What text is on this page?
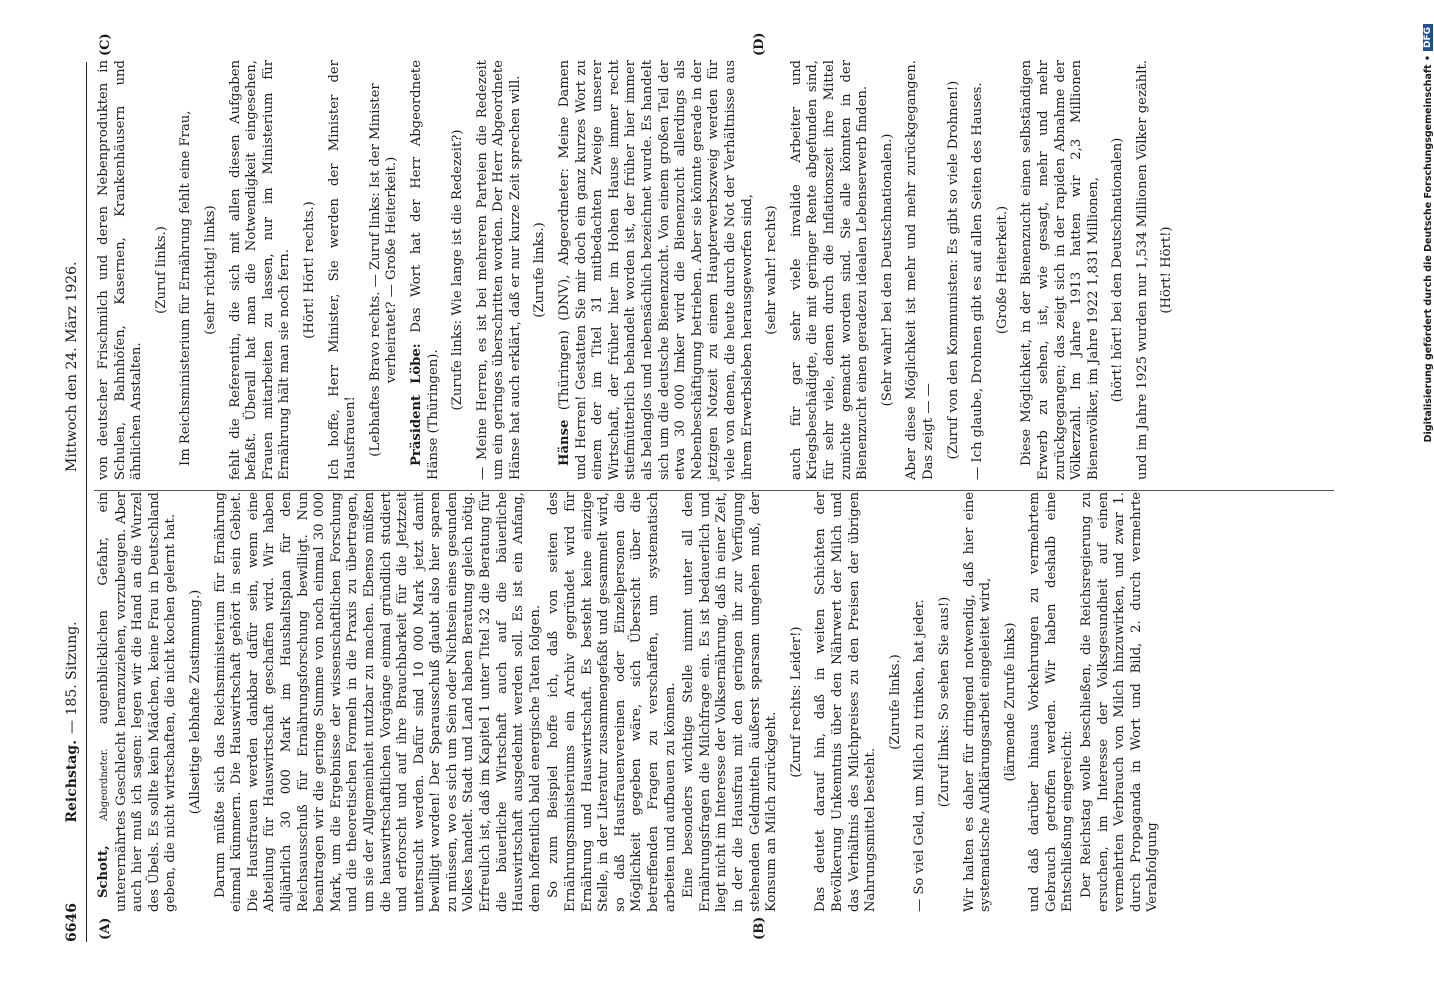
6646
Reichstag.— 185. Sitzung.
Mittwoch den 24. März 1926.
(A)	(B)
(C)	(D)

Schott, Abgeordneter. augenblicklichen Gefahr, ein unterernährtes Geschlecht heranzuziehen, vorzubeugen. Aber auch hier muß ich sagen: legen wir die Hand an die Wurzel des Übels. Es sollte kein Mädchen, keine Frau in Deutschland geben, die nicht wirtschaften, die nicht kochen gelernt hat. (Allseitige lebhafte Zustimmung.) Darum müßte sich das Reichsministerium für Ernährung einmal kümmern. Die Hauswirtschaft gehört in sein Gebiet. Die Hausfrauen werden dankbar dafür sein, wenn eine Abteilung für Hauswirtschaft geschaffen wird. Wir haben alljährlich 30 000 Mark im Haushaltsplan für den Reichsausschuß für Ernährungsforschung bewilligt. Nun beantragen wir die geringe Summe von noch einmal 30 000 Mark, um die Ergebnisse der wissenschaftlichen Forschung und die theoretischen Formeln in die Praxis zu übertragen, um sie der Allgemeinheit nutzbar zu machen. Ebenso müßten die hauswirtschaftlichen Vorgänge einmal gründlich studiert und erforscht und auf ihre Brauchbarkeit für die Jetztzeit untersucht werden. Dafür sind 10 000 Mark jetzt damit bewilligt worden! Der Sparausschuß glaubt also hier sparen zu müssen, wo es sich um Sein oder Nichtsein eines gesunden Volkes handelt. Stadt und Land haben Beratung gleich nötig. Erfreulich ist, daß im Kapitel 1 unter Titel 32 die Beratung für die bäuerliche Wirtschaft auch auf die bäuerliche Hauswirtschaft ausgedehnt werden soll. Es ist ein Anfang, dem hoffentlich bald energische Taten folgen. So zum Beispiel hoffe ich, daß von seiten des Ernährungsministeriums ein Archiv gegründet wird für Ernährung und Hauswirtschaft. Es besteht keine einzige Stelle, in der Literatur zusammengefaßt und gesammelt wird, so daß Hausfrauenvereinen oder Einzelpersonen die Möglichkeit gegeben wäre, sich Übersicht über die betreffenden Fragen zu verschaffen, um systematisch arbeiten und aufbauen zu können. Eine besonders wichtige Stelle nimmt unter all den Ernährungsfragen die Milchfrage ein. Es ist bedauerlich und liegt nicht im Interesse der Volksernährung, daß in einer Zeit, in der die Hausfrau mit den geringen ihr zur Verfügung stehenden Geldmitteln äußerst sparsam umgehen muß, der Konsum an Milch zurückgeht.

(Zuruf rechts: Leider!) Das deutet darauf hin, daß in weiten Schichten der Bevölkerung Unkenntnis über den Nährwert der Milch und das Verhältnis des Milchpreises zu den Preisen der übrigen Nahrungsmittel besteht.

(Zurufe links.) — So viel Geld, um Milch zu trinken, hat jeder. (Zuruf links: So sehen Sie aus!) Wir halten es daher für dringend notwendig, daß hier eine systematische Aufklärungsarbeit eingeleitet wird, (lärmende Zurufe links) und daß darüber hinaus Vorkehrungen zu vermehrtem Gebrauch getroffen werden. Wir haben deshalb eine Entschließung eingereicht: Der Reichstag wolle beschließen, die Reichsregierung zu ersuchen, im Interesse der Volksgesundheit auf einen vermehrten Verbrauch von Milch hinzuwirken, und zwar 1. durch Propaganda in Wort und Bild, 2. durch vermehrte Verabfolgung

von deutscher Frischmilch und deren Nebenprodukten in Schulen, Bahnhöfen, Kasernen, Krankenhäusern und ähnlichen Anstalten.

(Zuruf links.) Im Reichsministerium für Ernährung fehlt eine Frau, (sehr richtig! links) fehlt die Referentin, die sich mit allen diesen Aufgaben befaßt. Überall hat man die Notwendigkeit eingesehen, Frauen mitarbeiten zu lassen, nur im Ministerium für Ernährung hält man sie noch fern. (Hört! Hört! rechts.) Ich hoffe, Herr Minister, Sie werden der Minister der Hausfrauen! (Lebhaftes Bravo rechts. — Zuruf links: Ist der Minister verheiratet? — Große Heiterkeit.)

Präsident Löbe: Das Wort hat der Herr Abgeordnete Hänse (Thüringen).

(Zurufe links: Wie lange ist die Redezeit?) — Meine Herren, es ist bei mehreren Parteien die Redezeit um ein geringes überschritten worden. Der Herr Abgeordnete Hänse hat auch erklärt, daß er nur kurze Zeit sprechen will. (Zurufe links.)

Hänse (Thüringen) (DNV), Abgeordneter: Meine Damen und Herren! Gestatten Sie mir doch ein ganz kurzes Wort zu einem der im Titel 31 mitbedachten Zweige unserer Wirtschaft, der früher hier im Hohen Hause immer recht stiefmütterlich behandelt worden ist, der früher hier immer als belanglos und nebensächlich bezeichnet wurde. Es handelt sich um die deutsche Bienenzucht. Von einem großen Teil der etwa 30 000 Imker wird die Bienenzucht allerdings als Nebenbeschäftigung betrieben. Aber sie könnte gerade in der jetzigen Notzeit zu einem Haupterwerbszweig werden für viele von denen, die heute durch die Not der Verhältnisse aus ihrem Erwerbsleben herausgeworfen sind, (sehr wahr! rechts) auch für gar sehr viele invalide Arbeiter und Kriegsbeschädigte, die mit geringer Rente abgefunden sind, für sehr viele, denen durch die Inflationszeit ihre Mittel zunichte gemacht worden sind. Sie alle könnten in der Bienenzucht einen geradezu idealen Lebenserwerb finden. (Sehr wahr! bei den Deutschnationalen.) Aber diese Möglichkeit ist mehr und mehr zurückgegangen. Das zeigt — — (Zuruf von den Kommunisten: Es gibt so viele Drohnen!) — Ich glaube, Drohnen gibt es auf allen Seiten des Hauses. (Große Heiterkeit.) Diese Möglichkeit, in der Bienenzucht einen selbständigen Erwerb zu sehen, ist, wie gesagt, mehr und mehr zurückgegangen; das zeigt sich in der rapiden Abnahme der Völkerzahl. Im Jahre 1913 hatten wir 2,3 Millionen Bienenvölker, im Jahre 1922 1,831 Millionen, (hört! hört! bei den Deutschnationalen) und im Jahre 1925 wurden nur 1,534 Millionen Völker gezählt. (Hört! Hört!)	Digitalisierung gefördert durch die Deutsche Forschungsgemeinschaft •
DFG
